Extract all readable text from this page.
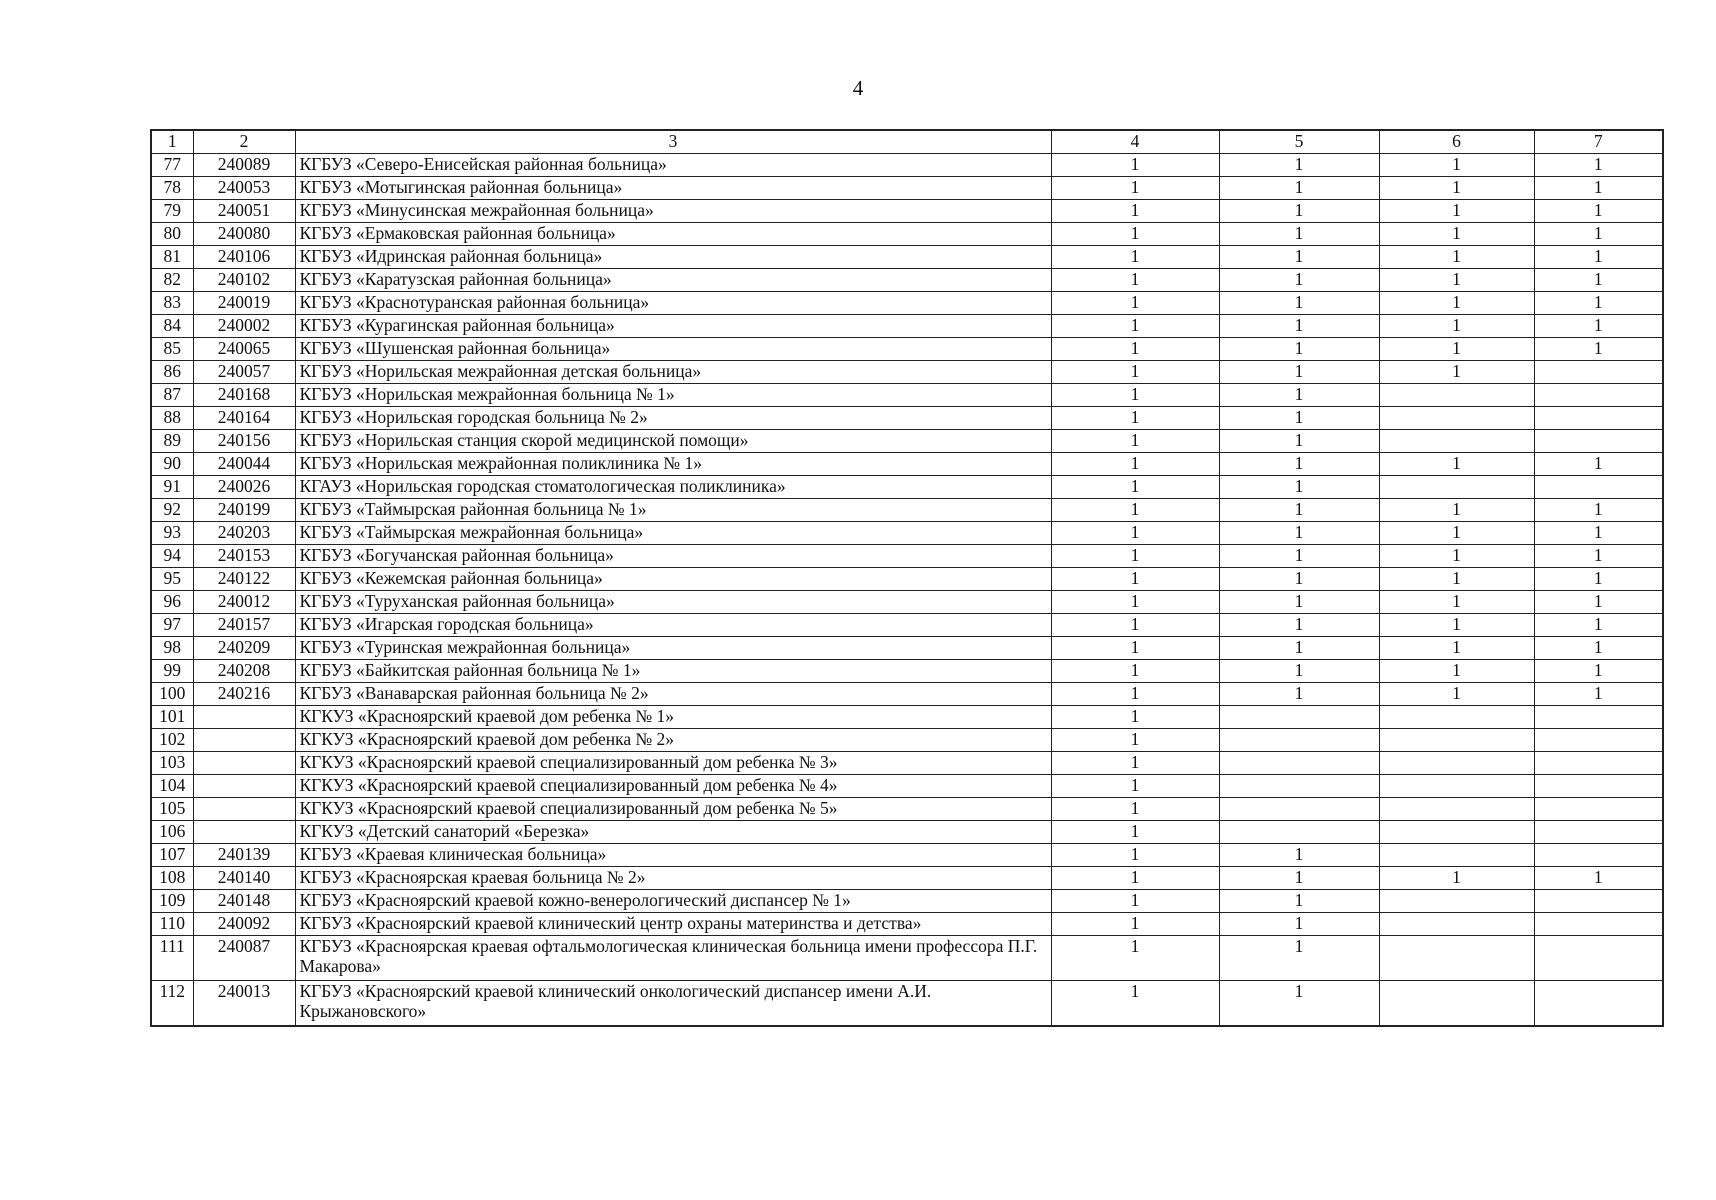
4
1	2	3	4	5	6	7
77	240089	КГБУЗ «Северо-Енисейская районная больница»	1	1	1	1
78	240053	КГБУЗ «Мотыгинская районная больница»	1	1	1	1
79	240051	КГБУЗ «Минусинская межрайонная больница»	1	1	1	1
80	240080	КГБУЗ «Ермаковская районная больница»	1	1	1	1
81	240106	КГБУЗ «Идринская районная больница»	1	1	1	1
82	240102	КГБУЗ «Каратузская районная больница»	1	1	1	1
83	240019	КГБУЗ «Краснотуранская районная больница»	1	1	1	1
84	240002	КГБУЗ «Курагинская районная больница»	1	1	1	1
85	240065	КГБУЗ «Шушенская районная больница»	1	1	1	1
86	240057	КГБУЗ «Норильская межрайонная детская больница»	1	1	1	
87	240168	КГБУЗ «Норильская межрайонная больница № 1»	1	1		
88	240164	КГБУЗ «Норильская городская больница № 2»	1	1		
89	240156	КГБУЗ «Норильская станция скорой медицинской помощи»	1	1		
90	240044	КГБУЗ «Норильская межрайонная поликлиника № 1»	1	1	1	1
91	240026	КГАУЗ «Норильская городская стоматологическая поликлиника»	1	1		
92	240199	КГБУЗ «Таймырская районная больница № 1»	1	1	1	1
93	240203	КГБУЗ «Таймырская межрайонная больница»	1	1	1	1
94	240153	КГБУЗ «Богучанская районная больница»	1	1	1	1
95	240122	КГБУЗ «Кежемская районная больница»	1	1	1	1
96	240012	КГБУЗ «Туруханская районная больница»	1	1	1	1
97	240157	КГБУЗ «Игарская городская больница»	1	1	1	1
98	240209	КГБУЗ «Туринская межрайонная больница»	1	1	1	1
99	240208	КГБУЗ «Байкитская районная больница № 1»	1	1	1	1
100	240216	КГБУЗ «Ванаварская районная больница № 2»	1	1	1	1
101		КГКУЗ «Красноярский краевой дом ребенка № 1»	1			
102		КГКУЗ «Красноярский краевой дом ребенка № 2»	1			
103		КГКУЗ «Красноярский краевой специализированный дом ребенка № 3»	1			
104		КГКУЗ «Красноярский краевой специализированный дом ребенка № 4»	1			
105		КГКУЗ «Красноярский краевой специализированный дом ребенка № 5»	1			
106		КГКУЗ «Детский санаторий «Березка»	1			
107	240139	КГБУЗ «Краевая клиническая больница»	1	1		
108	240140	КГБУЗ «Красноярская краевая больница № 2»	1	1	1	1
109	240148	КГБУЗ «Красноярский краевой кожно-венерологический диспансер № 1»	1	1		
110	240092	КГБУЗ «Красноярский краевой клинический центр охраны материнства и детства»	1	1		
111	240087	КГБУЗ «Красноярская краевая офтальмологическая клиническая больница имени профессора П.Г. Макарова»	1	1		
112	240013	КГБУЗ «Красноярский краевой клинический онкологический диспансер имени А.И. Крыжановского»	1	1		
